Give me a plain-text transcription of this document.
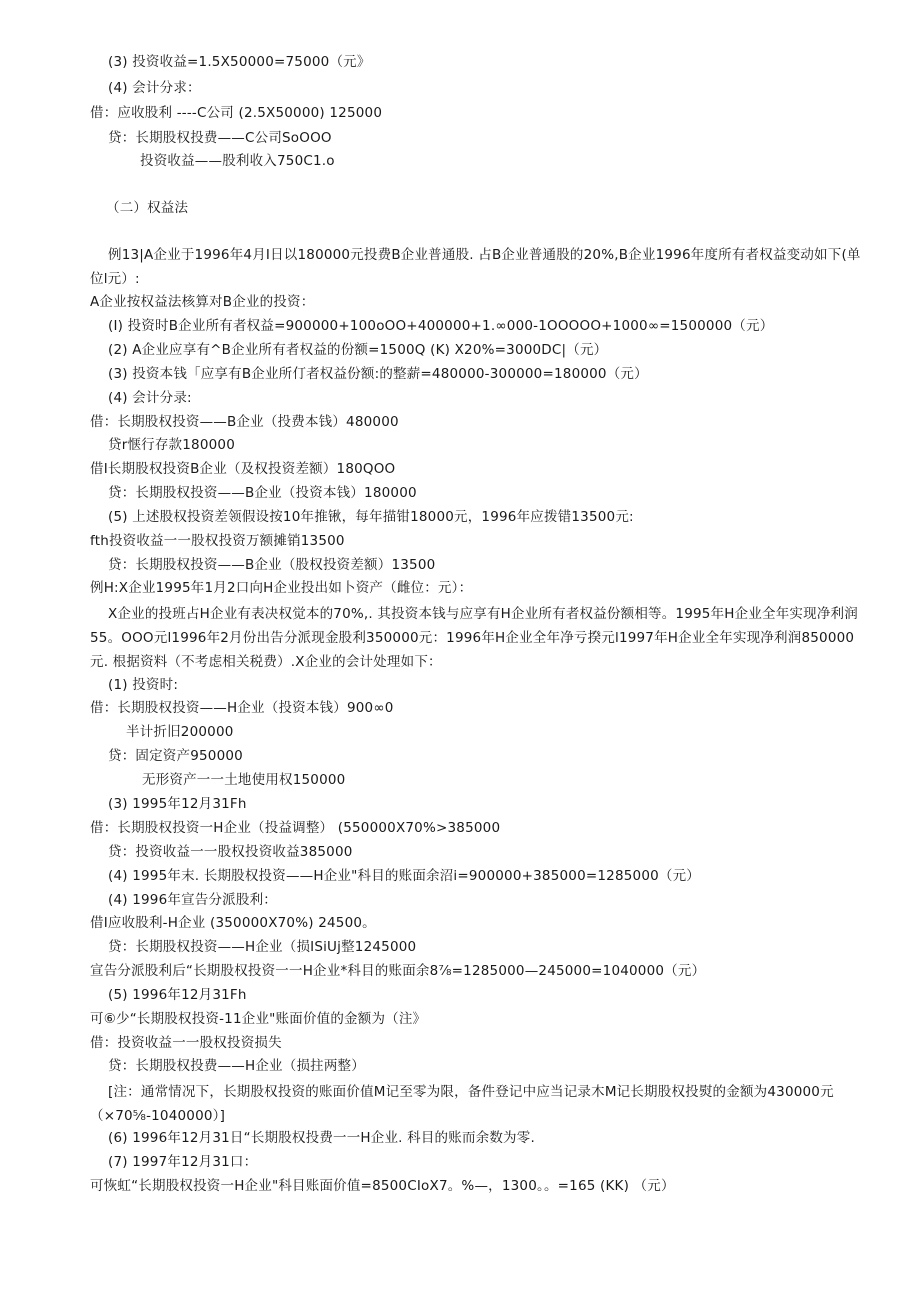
(3) 投资收益=1.5X50000=75000（元》
(4) 会计分求：
借：应收股利 ----C公司 (2.5X50000) 125000
贷：长期股权投费——C公司SoOOO
投资收益——股利收入750C1.o
（二）权益法
例13|A企业于1996年4月I日以180000元投费B企业普通股. 占B企业普通股的20%,B企业1996年度所有者权益变动如下(单位l元）:
A企业按权益法核算对B企业的投资：
(I) 投资时B企业所有者权益=900000+100oOO+400000+1.∞000-1OOOOO+1000∞=1500000（元）
(2) A企业应享有^B企业所有者权益的份额=1500Q (K) X20%=3000DC|（元）
(3) 投资本钱「应享有B企业所仃者权益份额:的整薪=480000-300000=180000（元）
(4) 会计分录:
借：长期股权投资——B企业（投费本钱）480000
贷r惬行存款180000
借I长期股权投资B企业（及权投资差额）180QOO
贷：长期股权投资——B企业（投资本钱）180000
(5) 上述股权投资差领假设按10年推锹，每年描钳18000元，1996年应拨错13500元:
fth投资收益一一股权投资万额摊销13500
贷：长期股权投资——B企业（股权投资差额）13500
例H:X企业1995年1月2口向H企业投出如卜资产（雌位：元）：
X企业的投班占H企业有表决权觉本的70%,. 其投资本钱与应享有H企业所有者权益份额相等。1995年H企业全年实现净利润55。OOO元l1996年2月份出告分派现金股利350000元：1996年H企业全年净亏揆元l1997年H企业全年实现净利润850000元. 根据资料（不考虑相关税费）.X企业的会计处理如下：
(1) 投资时:
借：长期股权投资——H企业（投资本钱）900∞0
半计折旧200000
贷：固定资产950000
无形资产一一土地使用权150000
(3) 1995年12月31Fh
借：长期股权投资一H企业（投益调整） (550000X70%>385000
贷：投资收益一一股权投资收益385000
(4) 1995年末. 长期股权投资——H企业"科目的账面余沼i=900000+385000=1285000（元）
(4) 1996年宣告分派股利：
借I应收股利-H企业 (350000X70%) 24500。
贷：长期股权投资——H企业（损ISiUj整1245000
宣告分派股利后“长期股权投资一一H企业*科目的账面余8⅞=1285000—245000=1040000（元）
(5) 1996年12月31Fh
可⑥少“长期股权投资-11企业"账面价值的金额为（注》
借：投资收益一一股权投资损失
贷：长期股权投费——H企业（损拄两整）
[注：通常情况下，长期股权投资的账面价值M记至零为限，备件登记中应当记录木M记长期股权投熨的金额为430000元（×70⅝-1040000）]
(6) 1996年12月31日“长期股权投费一一H企业. 科目的账而余数为零.
(7) 1997年12月31口：
可恢虹“长期股权投资一H企业"科目账面价值=8500CIoX7。%—，1300。。=165 (KK) （元）
